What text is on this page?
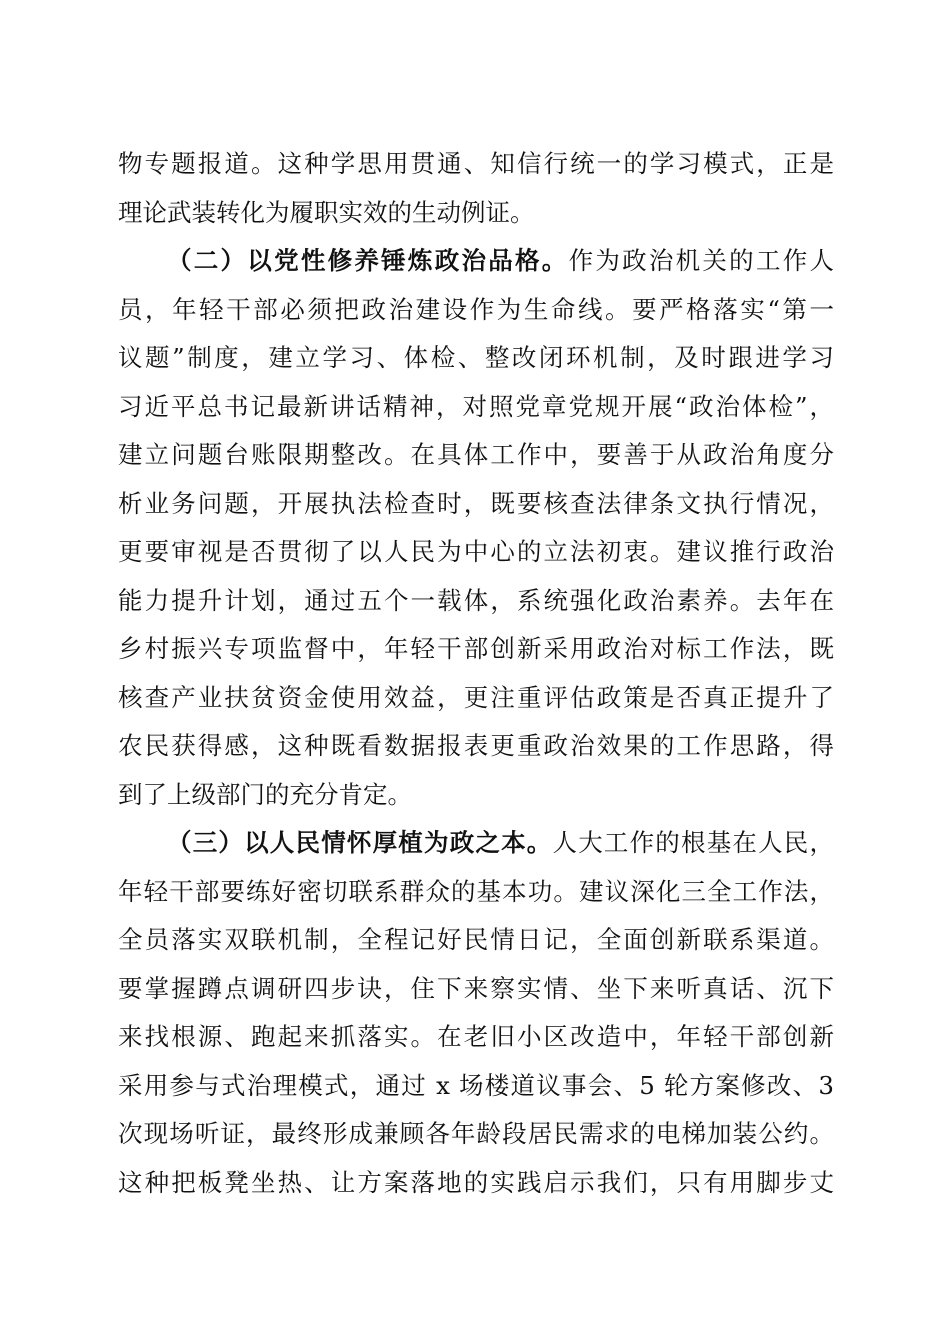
物专题报道。这种学思用贯通、知信行统一的学习模式，正是
理论武装转化为履职实效的生动例证。
（二）以党性修养锤炼政治品格。作为政治机关的工作人
员，年轻干部必须把政治建设作为生命线。要严格落实“第一
议题”制度，建立学习、体检、整改闭环机制，及时跟进学习
习近平总书记最新讲话精神，对照党章党规开展“政治体检”，
建立问题台账限期整改。在具体工作中，要善于从政治角度分
析业务问题，开展执法检查时，既要核查法律条文执行情况，
更要审视是否贯彻了以人民为中心的立法初衷。建议推行政治
能力提升计划，通过五个一载体，系统强化政治素养。去年在
乡村振兴专项监督中，年轻干部创新采用政治对标工作法，既
核查产业扶贫资金使用效益，更注重评估政策是否真正提升了
农民获得感，这种既看数据报表更重政治效果的工作思路，得
到了上级部门的充分肯定。
（三）以人民情怀厚植为政之本。人大工作的根基在人民，
年轻干部要练好密切联系群众的基本功。建议深化三全工作法，
全员落实双联机制，全程记好民情日记，全面创新联系渠道。
要掌握蹲点调研四步诀，住下来察实情、坐下来听真话、沉下
来找根源、跑起来抓落实。在老旧小区改造中，年轻干部创新
采用参与式治理模式，通过 x 场楼道议事会、5 轮方案修改、3
次现场听证，最终形成兼顾各年龄段居民需求的电梯加装公约。
这种把板凳坐热、让方案落地的实践启示我们，只有用脚步丈
